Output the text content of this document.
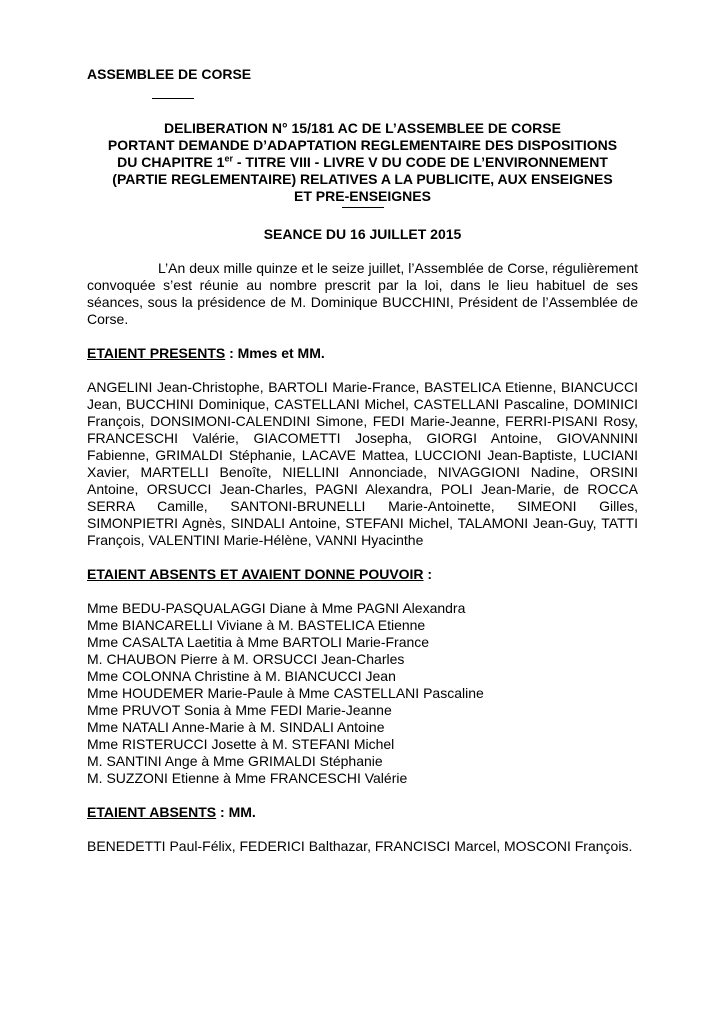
ASSEMBLEE DE CORSE
DELIBERATION N° 15/181 AC DE L’ASSEMBLEE DE CORSE
PORTANT DEMANDE D’ADAPTATION REGLEMENTAIRE DES DISPOSITIONS
DU CHAPITRE 1er - TITRE VIII - LIVRE V DU CODE DE L’ENVIRONNEMENT
(PARTIE REGLEMENTAIRE) RELATIVES A LA PUBLICITE, AUX ENSEIGNES
ET PRE-ENSEIGNES
SEANCE DU 16 JUILLET 2015

L’An deux mille quinze et le seize juillet, l’Assemblée de Corse, régulièrement convoquée s’est réunie au nombre prescrit par la loi, dans le lieu habituel de ses séances, sous la présidence de M. Dominique BUCCHINI, Président de l’Assemblée de Corse.

ETAIENT PRESENTS : Mmes et MM.
ANGELINI Jean-Christophe, BARTOLI Marie-France, BASTELICA Etienne, BIANCUCCI Jean, BUCCHINI Dominique, CASTELLANI Michel, CASTELLANI Pascaline, DOMINICI François, DONSIMONI-CALENDINI Simone, FEDI Marie-Jeanne, FERRI-PISANI Rosy, FRANCESCHI Valérie, GIACOMETTI Josepha, GIORGI Antoine, GIOVANNINI Fabienne, GRIMALDI Stéphanie, LACAVE Mattea, LUCCIONI Jean-Baptiste, LUCIANI Xavier, MARTELLI Benoîte, NIELLINI Annonciade, NIVAGGIONI Nadine, ORSINI Antoine, ORSUCCI Jean-Charles, PAGNI Alexandra, POLI Jean-Marie, de ROCCA SERRA Camille, SANTONI-BRUNELLI Marie-Antoinette, SIMEONI Gilles, SIMONPIETRI Agnès, SINDALI Antoine, STEFANI Michel, TALAMONI Jean-Guy, TATTI François, VALENTINI Marie-Hélène, VANNI Hyacinthe
ETAIENT ABSENTS ET AVAIENT DONNE POUVOIR :
Mme BEDU-PASQUALAGGI Diane à Mme PAGNI Alexandra
Mme BIANCARELLI Viviane à M. BASTELICA Etienne
Mme CASALTA Laetitia à Mme BARTOLI Marie-France
M. CHAUBON Pierre à M. ORSUCCI Jean-Charles
Mme COLONNA Christine à M. BIANCUCCI Jean
Mme HOUDEMER Marie-Paule à Mme CASTELLANI Pascaline
Mme PRUVOT Sonia à Mme FEDI Marie-Jeanne
Mme NATALI Anne-Marie à M. SINDALI Antoine
Mme RISTERUCCI Josette à M. STEFANI Michel
M. SANTINI Ange à Mme GRIMALDI Stéphanie
M. SUZZONI Etienne à Mme FRANCESCHI Valérie
ETAIENT ABSENTS : MM.
BENEDETTI Paul-Félix, FEDERICI Balthazar, FRANCISCI Marcel, MOSCONI François.
